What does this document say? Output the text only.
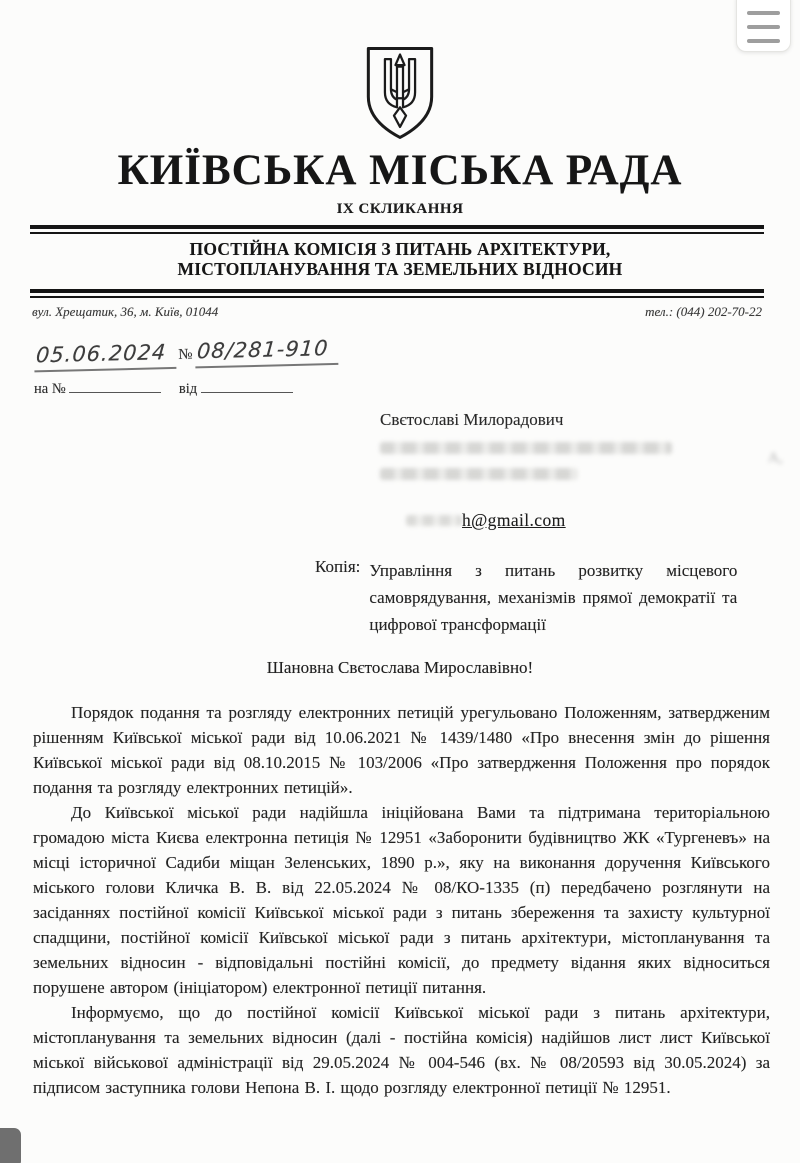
КИЇВСЬКА МІСЬКА РАДА
IX СКЛИКАННЯ
ПОСТІЙНА КОМІСІЯ З ПИТАНЬ АРХІТЕКТУРИ,
МІСТОПЛАНУВАННЯ ТА ЗЕМЕЛЬНИХ ВІДНОСИН
вул. Хрещатик, 36, м. Київ, 01044	тел.: (044) 202-70-22
05.06.2024 № 08/281-910
на №	від
Свєтославі Милорадович
А,
h@gmail.com
Копія: Управління з питань розвитку місцевого самоврядування, механізмів прямої демократії та цифрової трансформації
Шановна Свєтослава Мирославівно!

Порядок подання та розгляду електронних петицій урегульовано Положенням, затвердженим рішенням Київської міської ради від 10.06.2021 № 1439/1480 «Про внесення змін до рішення Київської міської ради від 08.10.2015 № 103/2006 «Про затвердження Положення про порядок подання та розгляду електронних петицій».

До Київської міської ради надійшла ініційована Вами та підтримана територіальною громадою міста Києва електронна петиція № 12951 «Заборонити будівництво ЖК «Тургеневъ» на місці історичної Садиби міщан Зеленських, 1890 р.», яку на виконання доручення Київського міського голови Кличка В. В. від 22.05.2024 № 08/КО-1335 (п) передбачено розглянути на засіданнях постійної комісії Київської міської ради з питань збереження та захисту культурної спадщини, постійної комісії Київської міської ради з питань архітектури, містопланування та земельних відносин - відповідальні постійні комісії, до предмету відання яких відноситься порушене автором (ініціатором) електронної петиції питання.

Інформуємо, що до постійної комісії Київської міської ради з питань архітектури, містопланування та земельних відносин (далі - постійна комісія) надійшов лист лист Київської міської військової адміністрації від 29.05.2024 № 004-546 (вх. № 08/20593 від 30.05.2024) за підписом заступника голови Непона В. І. щодо розгляду електронної петиції № 12951.
